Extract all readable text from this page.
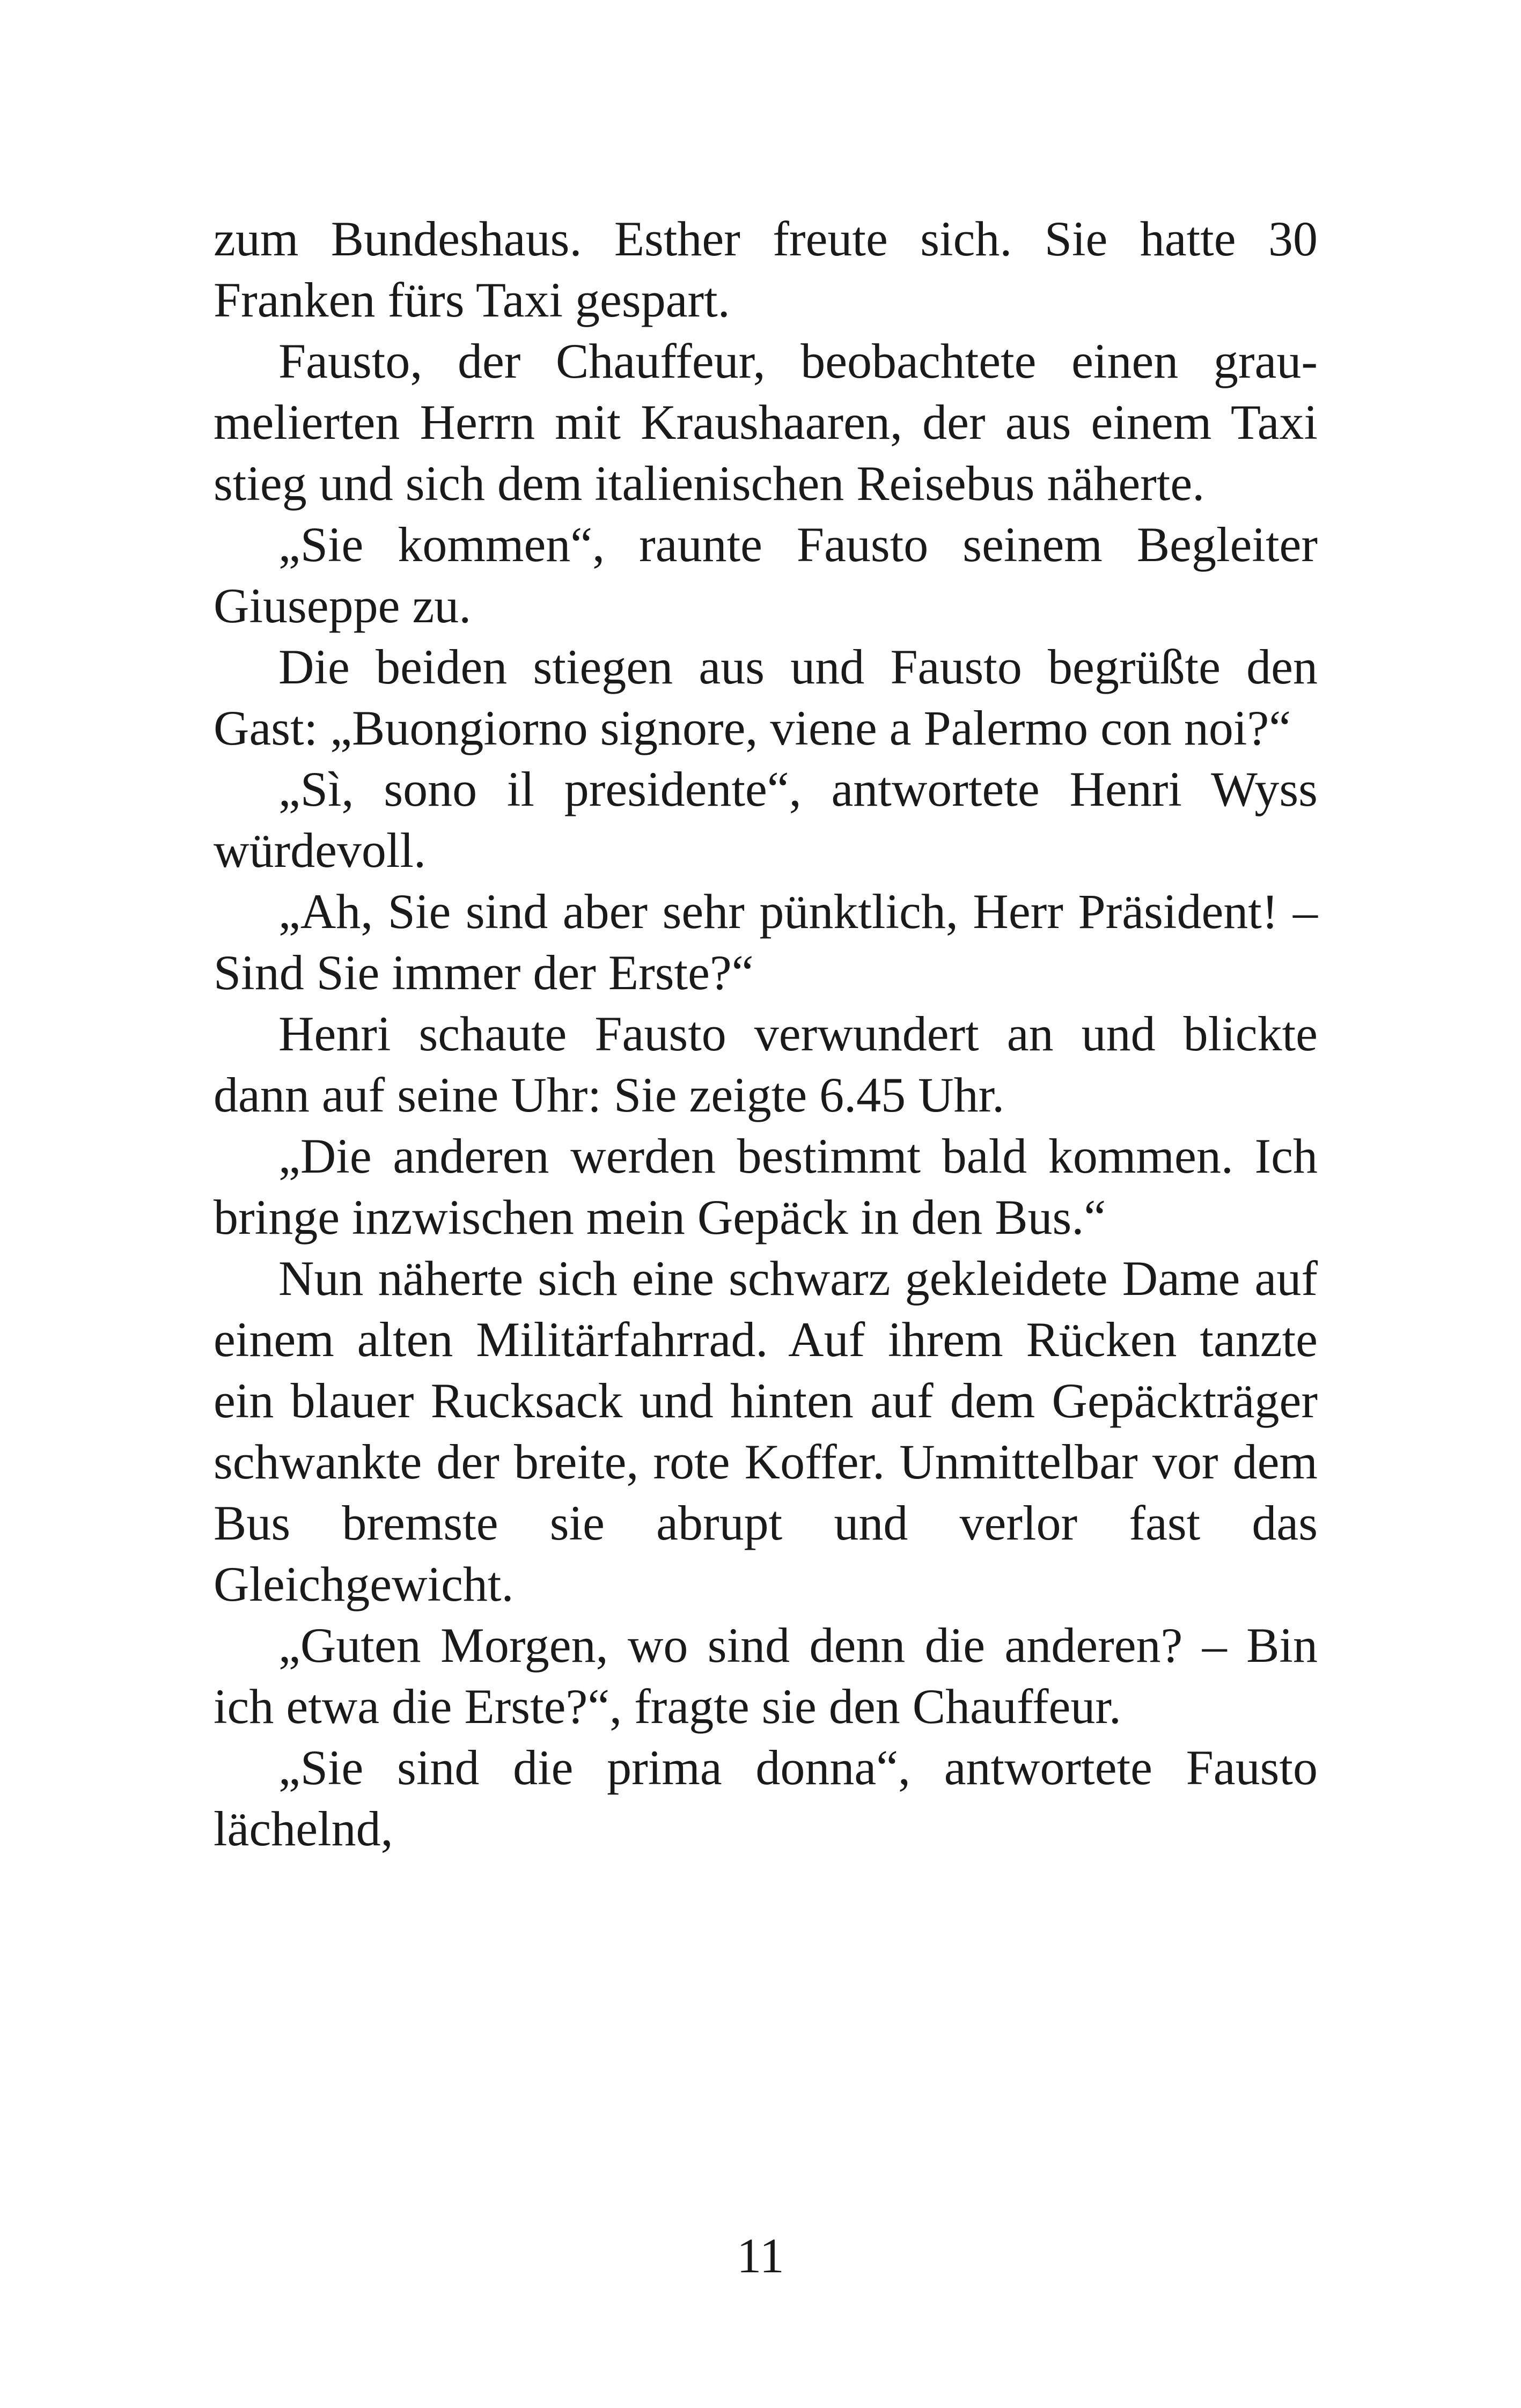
zum Bundeshaus. Esther freute sich. Sie hatte 30 Franken fürs Taxi gespart.

Fausto, der Chauffeur, beobachtete einen graumelierten Herrn mit Kraushaaren, der aus einem Taxi stieg und sich dem italienischen Reisebus näherte.

„Sie kommen“, raunte Fausto seinem Begleiter Giuseppe zu.

Die beiden stiegen aus und Fausto begrüßte den Gast: „Buongiorno signore, viene a Palermo con noi?“

„Sì, sono il presidente“, antwortete Henri Wyss würdevoll.

„Ah, Sie sind aber sehr pünktlich, Herr Präsident! – Sind Sie immer der Erste?“

Henri schaute Fausto verwundert an und blickte dann auf seine Uhr: Sie zeigte 6.45 Uhr.

„Die anderen werden bestimmt bald kommen. Ich bringe inzwischen mein Gepäck in den Bus.“

Nun näherte sich eine schwarz gekleidete Dame auf einem alten Militärfahrrad. Auf ihrem Rücken tanzte ein blauer Rucksack und hinten auf dem Gepäckträger schwankte der breite, rote Koffer. Unmittelbar vor dem Bus bremste sie abrupt und verlor fast das Gleichgewicht.

„Guten Morgen, wo sind denn die anderen? – Bin ich etwa die Erste?“, fragte sie den Chauffeur.

„Sie sind die prima donna“, antwortete Fausto lächelnd,

11
